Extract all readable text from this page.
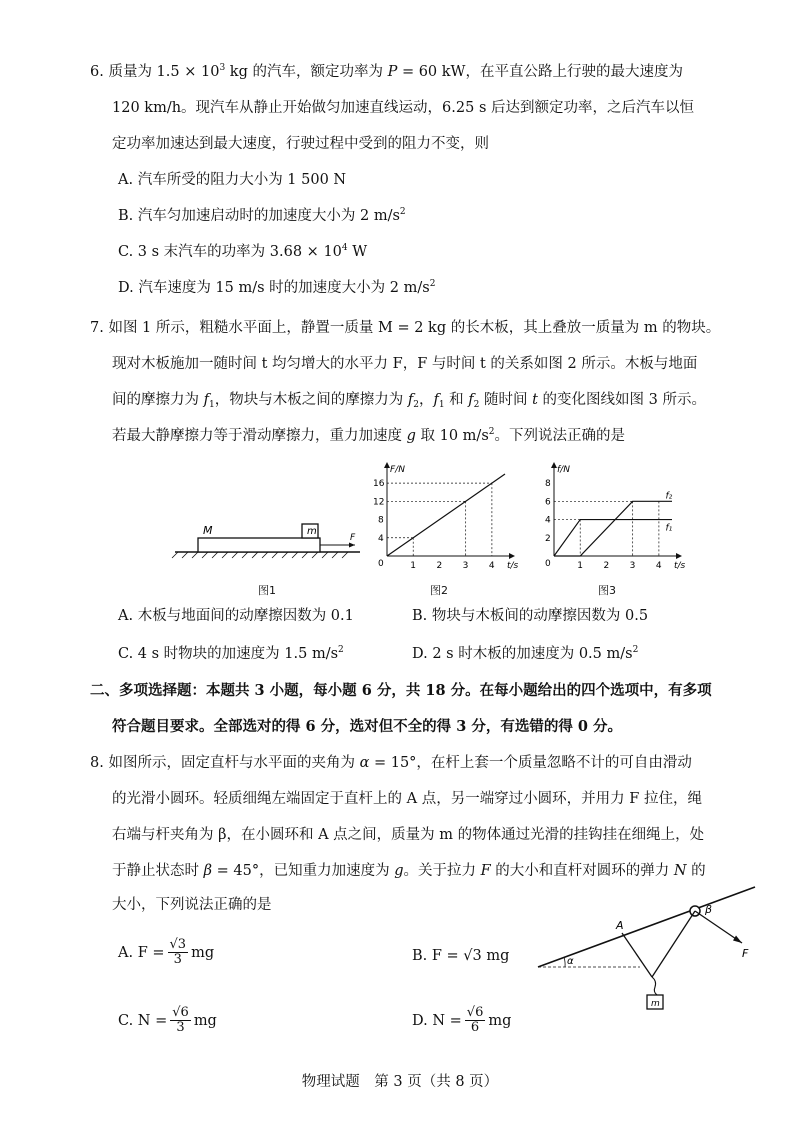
6. 质量为 $1.5 \times 10^3$ kg 的汽车，额定功率为 P = 60 kW，在平直公路上行驶的最大速度为
120 km/h。现汽车从静止开始做匀加速直线运动，6.25 s 后达到额定功率，之后汽车以恒
定功率加速达到最大速度，行驶过程中受到的阻力不变，则
A. 汽车所受的阻力大小为 1 500 N
B. 汽车匀加速启动时的加速度大小为 2 $m/s^2$
C. 3 s 末汽车的功率为 $3.68 \times 10^4$ W
D. 汽车速度为 15 m/s 时的加速度大小为 2 $m/s^2$
7. 如图 1 所示，粗糙水平面上，静置一质量 M = 2 kg 的长木板，其上叠放一质量为 m 的物块。
现对木板施加一随时间 t 均匀增大的水平力 F，F 与时间 t 的关系如图 2 所示。木板与地面
间的摩擦力为 $f_1$，物块与木板之间的摩擦力为 $f_2$，$f_1$ 和 $f_2$ 随时间 t 的变化图线如图 3 所示。
若最大静摩擦力等于滑动摩擦力，重力加速度 g 取 10 $m/s^2$。下列说法正确的是
M	m
F
图1
F/N
t/s
0	1 2 3 4
4
8
12
16
图2
f/N
t/s
0	1 2 3 4
2
4
6
8
f₂
f₁
图3
A. 木板与地面间的动摩擦因数为 0.1	B. 物块与木板间的动摩擦因数为 0.5
C. 4 s 时物块的加速度为 1.5 $m/s^2$	D. 2 s 时木板的加速度为 0.5 $m/s^2$
二、多项选择题：本题共 3 小题，每小题 6 分，共 18 分。在每小题给出的四个选项中，有多项
符合题目要求。全部选对的得 6 分，选对但不全的得 3 分，有选错的得 0 分。
8. 如图所示，固定直杆与水平面的夹角为 α = 15°，在杆上套一个质量忽略不计的可自由滑动
的光滑小圆环。轻质细绳左端固定于直杆上的 A 点，另一端穿过小圆环，并用力 F 拉住，绳
右端与杆夹角为 β，在小圆环和 A 点之间，质量为 m 的物体通过光滑的挂钩挂在细绳上，处
于静止状态时 β = 45°，已知重力加速度为 g。关于拉力 F 的大小和直杆对圆环的弹力 N 的
大小，下列说法正确的是
A. $F = \frac{√3}{3}$ mg	B. F = √3 mg
C. $N = \frac{√6}{3}$ mg	D. $N = \frac{√6}{6}$ mg
A
β
α
F
m
物理试题　第 3 页（共 8 页）
